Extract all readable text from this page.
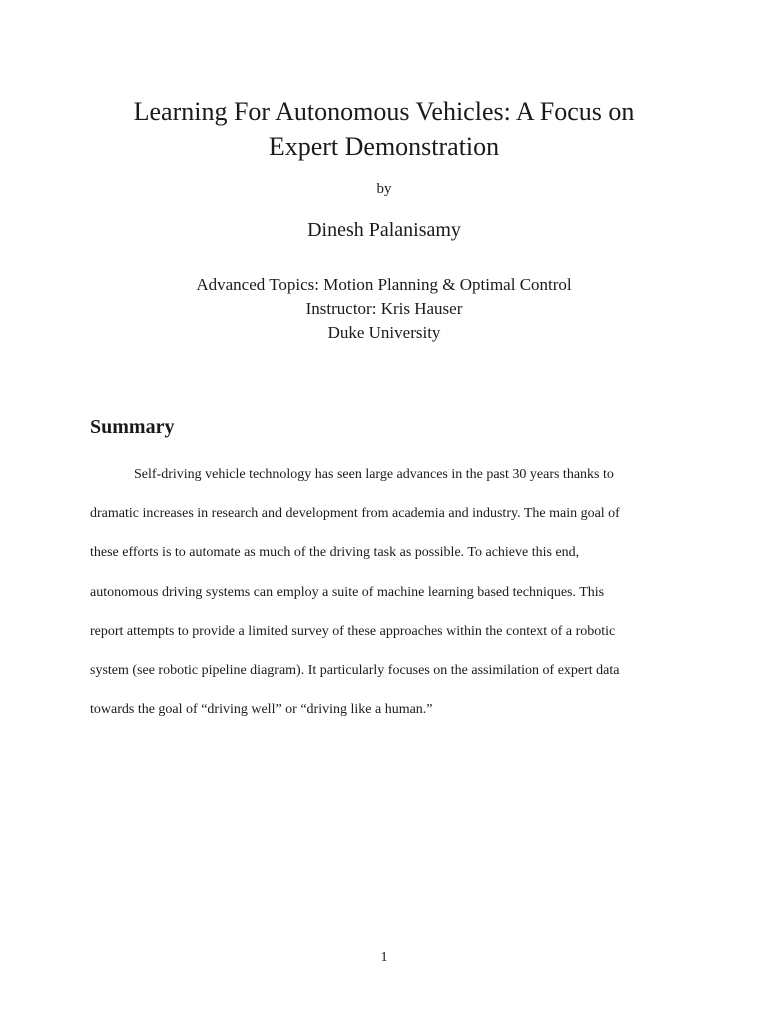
Learning For Autonomous Vehicles: A Focus on
Expert Demonstration
by
Dinesh Palanisamy
Advanced Topics: Motion Planning & Optimal Control
Instructor: Kris Hauser
Duke University
Summary

Self-driving vehicle technology has seen large advances in the past 30 years thanks to
dramatic increases in research and development from academia and industry. The main goal of
these efforts is to automate as much of the driving task as possible. To achieve this end,
autonomous driving systems can employ a suite of machine learning based techniques. This
report attempts to provide a limited survey of these approaches within the context of a robotic
system (see robotic pipeline diagram). It particularly focuses on the assimilation of expert data
towards the goal of “driving well” or “driving like a human.”

1
